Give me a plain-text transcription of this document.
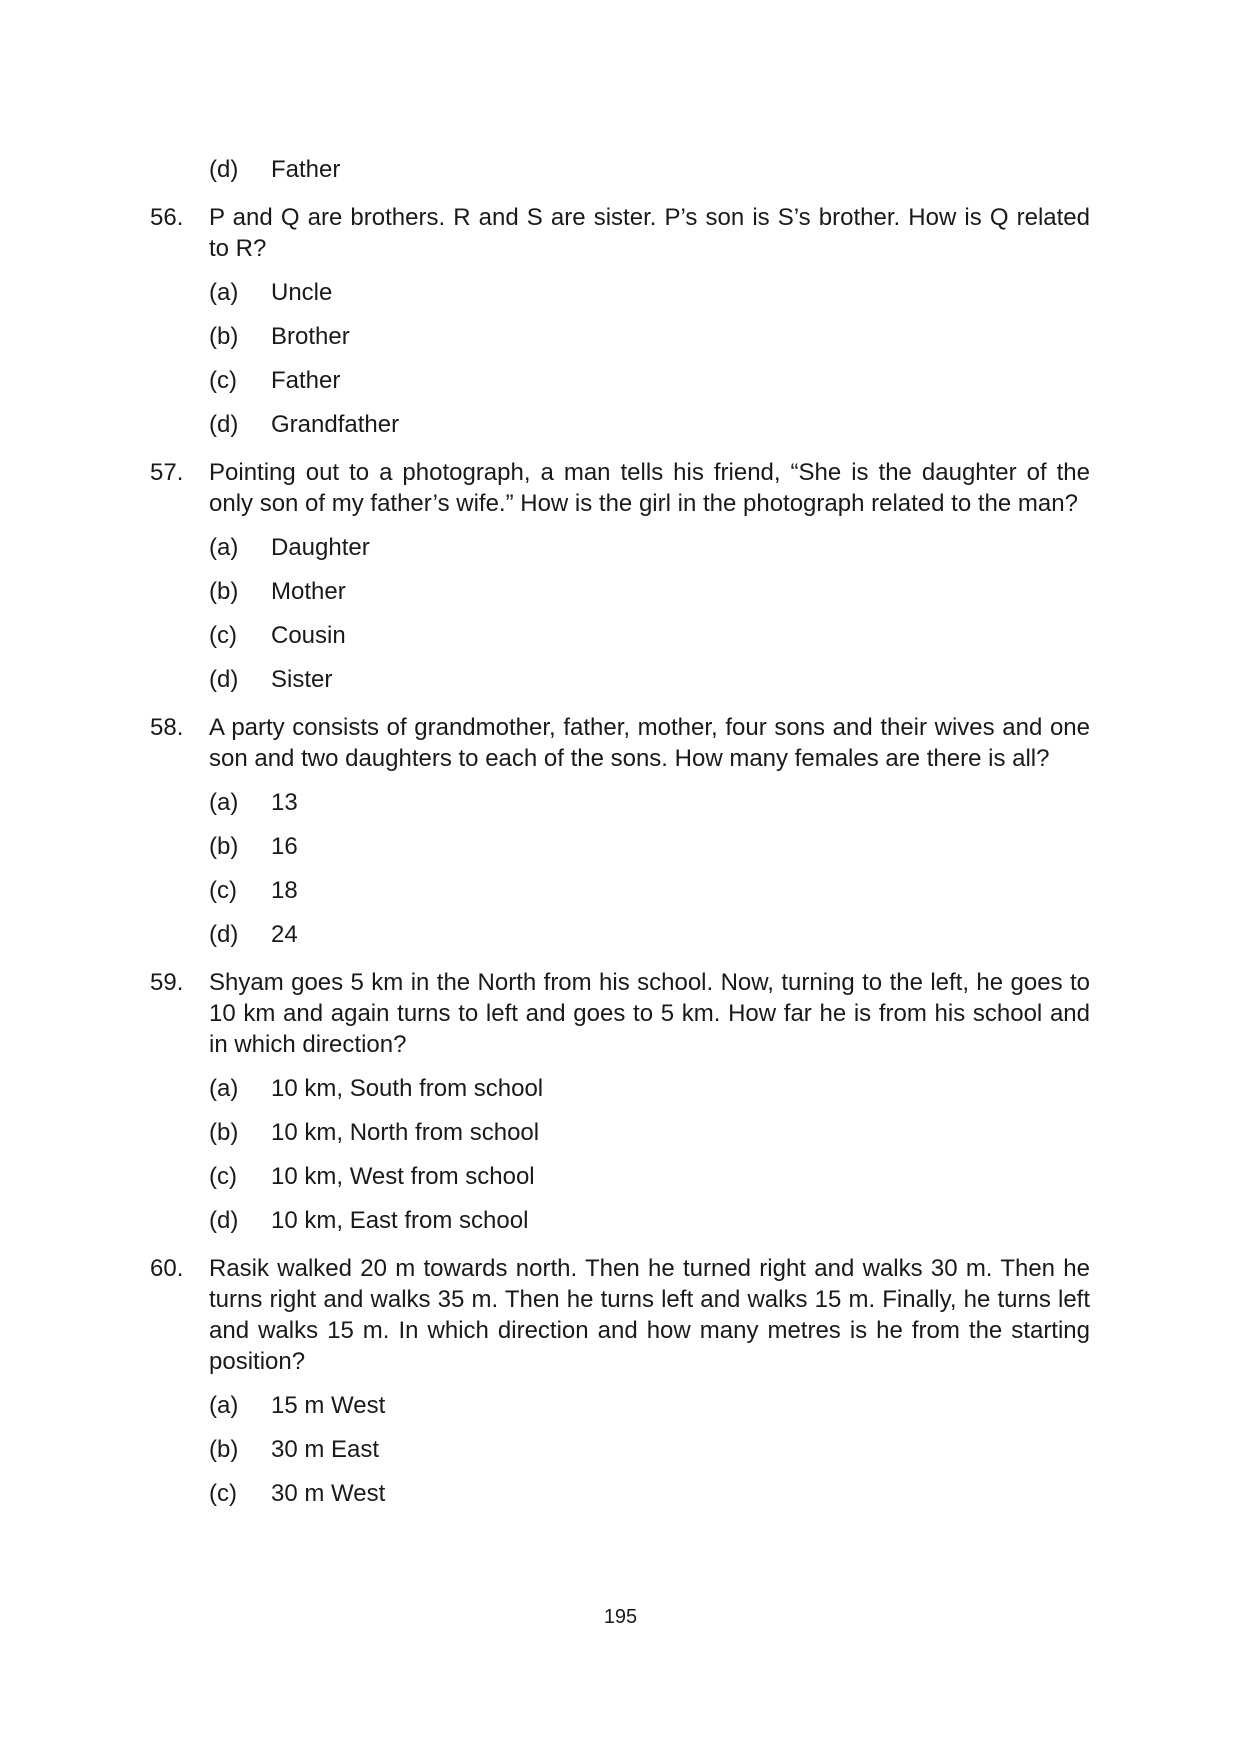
(d) Father
56. P and Q are brothers. R and S are sister. P’s son is S’s brother. How is Q related to R?
(a) Uncle
(b) Brother
(c) Father
(d) Grandfather
57. Pointing out to a photograph, a man tells his friend, “She is the daughter of the only son of my father’s wife.” How is the girl in the photograph related to the man?
(a) Daughter
(b) Mother
(c) Cousin
(d) Sister
58. A party consists of grandmother, father, mother, four sons and their wives and one son and two daughters to each of the sons. How many females are there is all?
(a) 13
(b) 16
(c) 18
(d) 24
59. Shyam goes 5 km in the North from his school. Now, turning to the left, he goes to 10 km and again turns to left and goes to 5 km. How far he is from his school and in which direction?
(a) 10 km, South from school
(b) 10 km, North from school
(c) 10 km, West from school
(d) 10 km, East from school
60. Rasik walked 20 m towards north. Then he turned right and walks 30 m. Then he turns right and walks 35 m. Then he turns left and walks 15 m. Finally, he turns left and walks 15 m. In which direction and how many metres is he from the starting position?
(a) 15 m West
(b) 30 m East
(c) 30 m West
195
